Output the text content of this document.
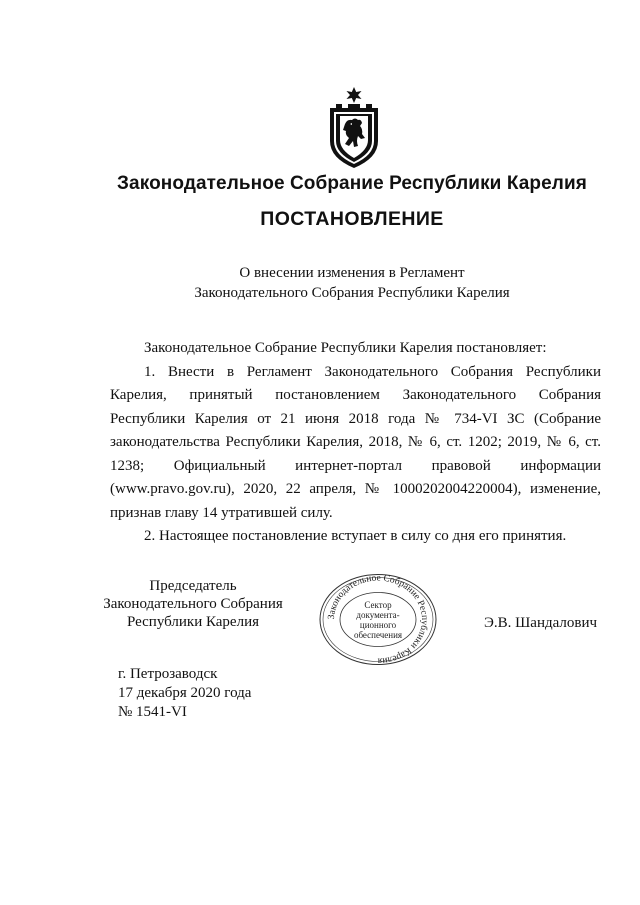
Законодательное Собрание Республики Карелия
ПОСТАНОВЛЕНИЕ
О внесении изменения в Регламент
Законодательного Собрания Республики Карелия

Законодательное Собрание Республики Карелия постановляет:

1. Внести в Регламент Законодательного Собрания Республики Карелия, принятый постановлением Законодательного Собрания Республики Карелия от 21 июня 2018 года № 734-VI ЗС (Собрание законодательства Республики Карелия, 2018, № 6, ст. 1202; 2019, № 6, ст. 1238; Официальный интернет-портал правовой информации (www.pravo.gov.ru), 2020, 22 апреля, № 1000202004220004), изменение, признав главу 14 утратившей силу.

2. Настоящее постановление вступает в силу со дня его принятия.

Председатель
Законодательного Собрания
Республики Карелия	Законодательное Собрание Республики Карелия
Сектор
документа-
ционного
обеспечения
Э.В. Шандалович
г. Петрозаводск
17 декабря 2020 года
№ 1541-VI
